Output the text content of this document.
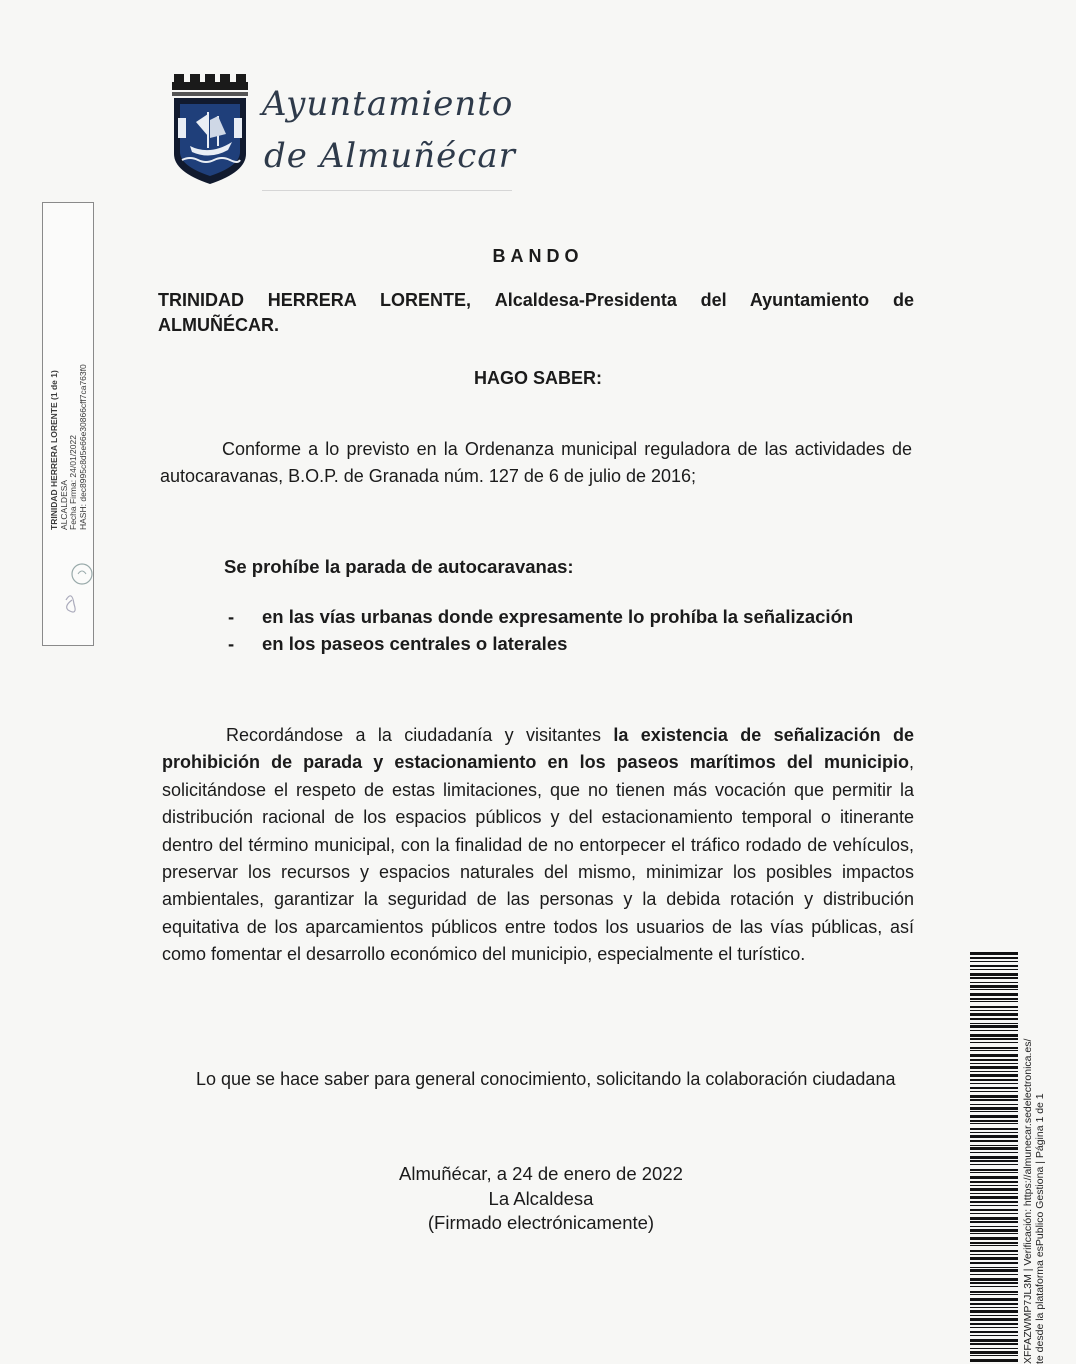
Ayuntamiento
de Almuñécar
TRINIDAD HERRERA LORENTE (1 de 1) ALCALDESA Fecha Firma: 24/01/2022 HASH: dec8995c8d5e66e30866cff7ca763f0
BANDO
TRINIDAD HERRERA LORENTE, Alcaldesa-Presidenta del Ayuntamiento de ALMUÑÉCAR.
HAGO SABER:
Conforme a lo previsto en la Ordenanza municipal reguladora de las actividades de autocaravanas, B.O.P. de Granada núm. 127 de 6 de julio de 2016;
Se prohíbe la parada de autocaravanas:
-	en las vías urbanas donde expresamente lo prohíba la señalización
-	en los paseos centrales o laterales
Recordándose a la ciudadanía y visitantes la existencia de señalización de prohibición de parada y estacionamiento en los paseos marítimos del municipio, solicitándose el respeto de estas limitaciones, que no tienen más vocación que permitir la distribución racional de los espacios públicos y del estacionamiento temporal o itinerante dentro del término municipal, con la finalidad de no entorpecer el tráfico rodado de vehículos, preservar los recursos y espacios naturales del mismo, minimizar los posibles impactos ambientales, garantizar la seguridad de las personas y la debida rotación y distribución equitativa de los aparcamientos públicos entre todos los usuarios de las vías públicas, así como fomentar el desarrollo económico del municipio, especialmente el turístico.
Lo que se hace saber para general conocimiento, solicitando la colaboración ciudadana
Almuñécar, a 24 de enero de 2022
La Alcaldesa
(Firmado electrónicamente)	XFFAZWMP7JL3M | Verificación: https://almunecar.sedelectronica.es/ te desde la plataforma esPublico Gestiona | Página 1 de 1
